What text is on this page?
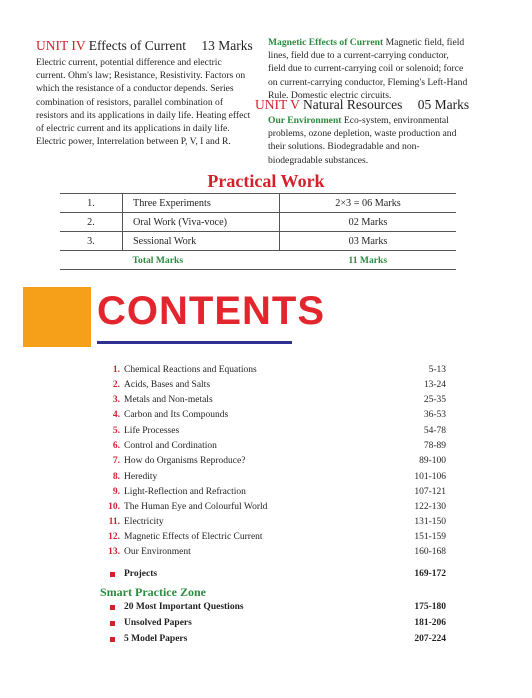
UNIT IV Effects of Current 13 Marks
Electric current, potential difference and electric current. Ohm's law; Resistance, Resistivity. Factors on which the resistance of a conductor depends. Series combination of resistors, parallel combination of resistors and its applications in daily life. Heating effect of electric current and its applications in daily life. Electric power, Interrelation between P, V, I and R.
Magnetic Effects of Current Magnetic field, field lines, field due to a current-carrying conductor, field due to current-carrying coil or solenoid; force on current-carrying conductor, Fleming's Left-Hand Rule. Domestic electric circuits.
UNIT V Natural Resources 05 Marks
Our Environment Eco-system, environmental problems, ozone depletion, waste production and their solutions. Biodegradable and non-biodegradable substances.
Practical Work
1.	Three Experiments	2×3 = 06 Marks
2.	Oral Work (Viva-voce)	02 Marks
3.	Sessional Work	03 Marks
	Total Marks	11 Marks
CONTENTS
1. Chemical Reactions and Equations	5-13
2. Acids, Bases and Salts	13-24
3. Metals and Non-metals	25-35
4. Carbon and Its Compounds	36-53
5. Life Processes	54-78
6. Control and Cordination	78-89
7. How do Organisms Reproduce?	89-100
8. Heredity	101-106
9. Light-Reflection and Refraction	107-121
10. The Human Eye and Colourful World	122-130
11. Electricity	131-150
12. Magnetic Effects of Electric Current	151-159
13. Our Environment	160-168
Projects	169-172
Smart Practice Zone
20 Most Important Questions	175-180
Unsolved Papers	181-206
5 Model Papers	207-224
